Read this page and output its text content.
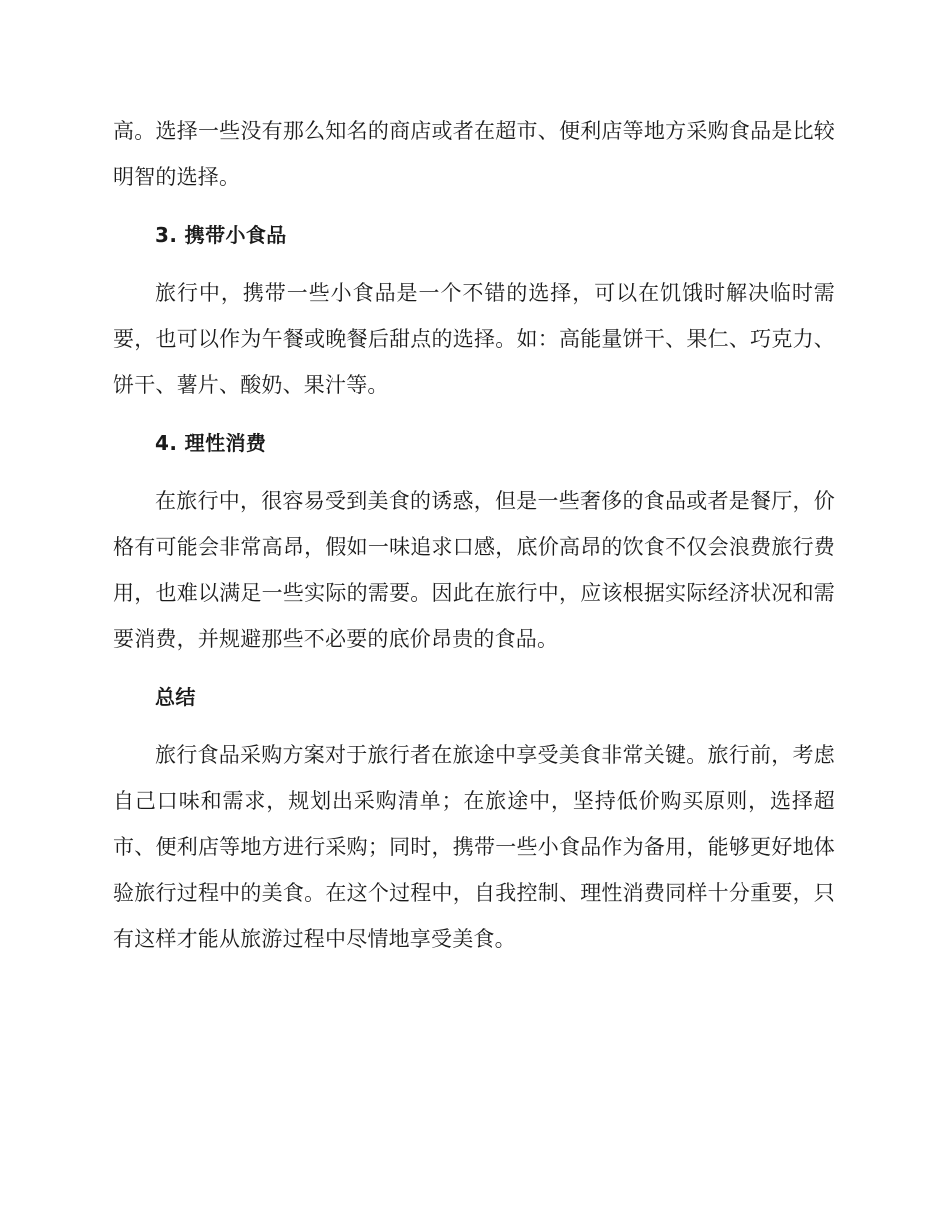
高。选择一些没有那么知名的商店或者在超市、便利店等地方采购食品是比较明智的选择。

3. 携带小食品

旅行中，携带一些小食品是一个不错的选择，可以在饥饿时解决临时需要，也可以作为午餐或晚餐后甜点的选择。如：高能量饼干、果仁、巧克力、饼干、薯片、酸奶、果汁等。

4. 理性消费

在旅行中，很容易受到美食的诱惑，但是一些奢侈的食品或者是餐厅，价格有可能会非常高昂，假如一味追求口感，底价高昂的饮食不仅会浪费旅行费用，也难以满足一些实际的需要。因此在旅行中，应该根据实际经济状况和需要消费，并规避那些不必要的底价昂贵的食品。

总结

旅行食品采购方案对于旅行者在旅途中享受美食非常关键。旅行前，考虑自己口味和需求，规划出采购清单；在旅途中，坚持低价购买原则，选择超市、便利店等地方进行采购；同时，携带一些小食品作为备用，能够更好地体验旅行过程中的美食。在这个过程中，自我控制、理性消费同样十分重要，只有这样才能从旅游过程中尽情地享受美食。
